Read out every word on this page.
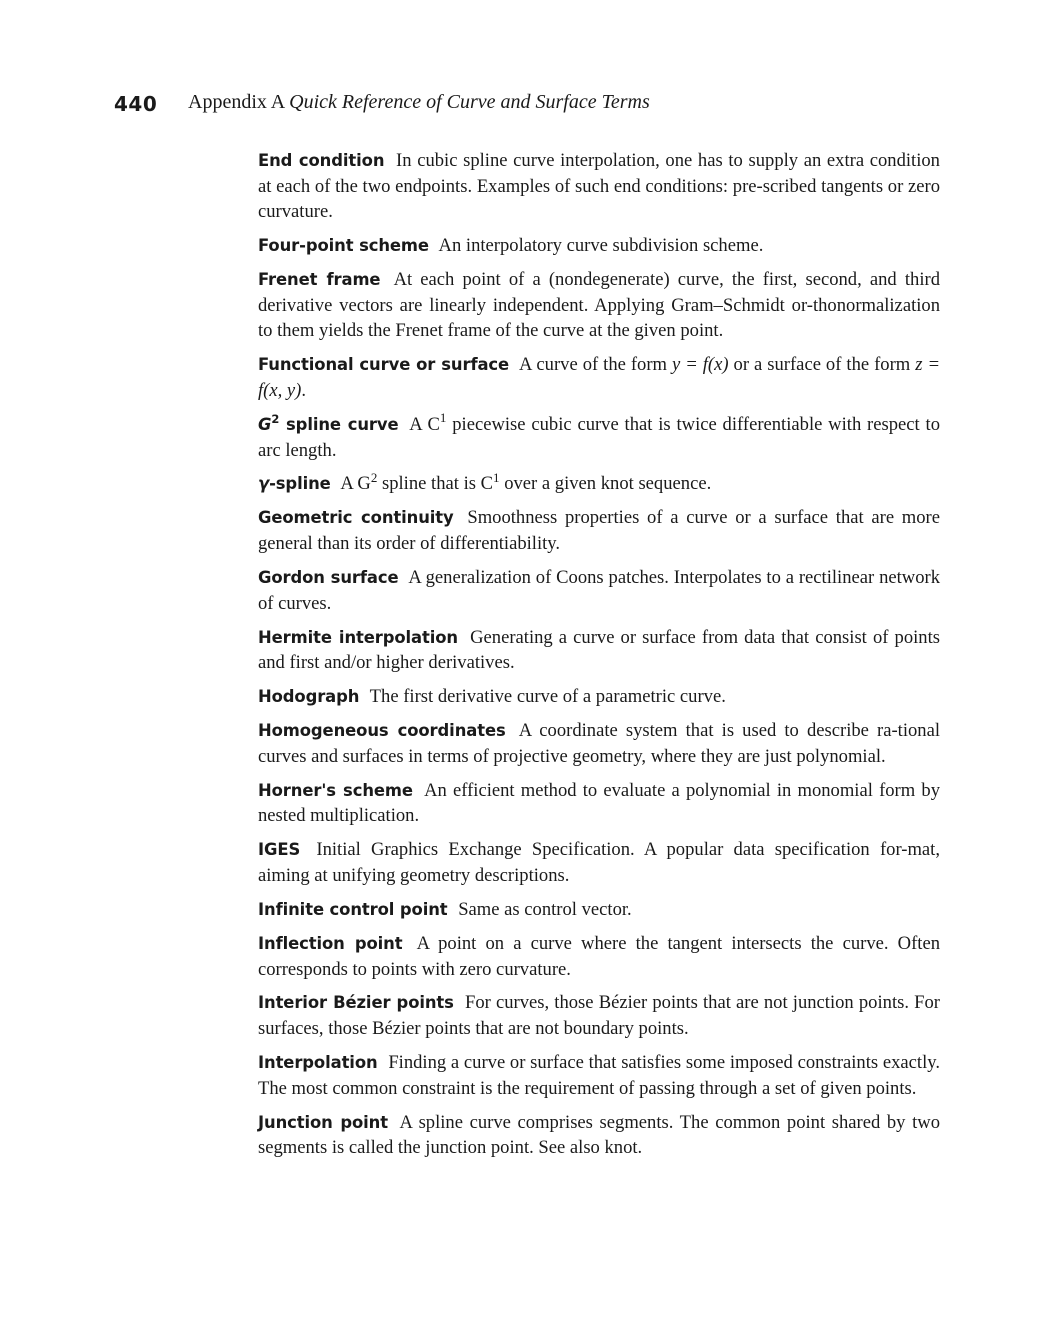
440 Appendix A Quick Reference of Curve and Surface Terms

End condition In cubic spline curve interpolation, one has to supply an extra condition at each of the two endpoints. Examples of such end conditions: pre-scribed tangents or zero curvature.

Four-point scheme An interpolatory curve subdivision scheme.

Frenet frame At each point of a (nondegenerate) curve, the first, second, and third derivative vectors are linearly independent. Applying Gram–Schmidt or-thonormalization to them yields the Frenet frame of the curve at the given point.

Functional curve or surface A curve of the form y = f(x) or a surface of the form z = f(x, y).

$G^2$ spline curve A $C^1$ piecewise cubic curve that is twice differentiable with respect to arc length.

γ-spline A $G^2$ spline that is $C^1$ over a given knot sequence.

Geometric continuity Smoothness properties of a curve or a surface that are more general than its order of differentiability.

Gordon surface A generalization of Coons patches. Interpolates to a rectilinear network of curves.

Hermite interpolation Generating a curve or surface from data that consist of points and first and/or higher derivatives.

Hodograph The first derivative curve of a parametric curve.

Homogeneous coordinates A coordinate system that is used to describe ra-tional curves and surfaces in terms of projective geometry, where they are just polynomial.

Horner's scheme An efficient method to evaluate a polynomial in monomial form by nested multiplication.

IGES Initial Graphics Exchange Specification. A popular data specification for-mat, aiming at unifying geometry descriptions.

Infinite control point Same as control vector.

Inflection point A point on a curve where the tangent intersects the curve. Often corresponds to points with zero curvature.

Interior Bézier points For curves, those Bézier points that are not junction points. For surfaces, those Bézier points that are not boundary points.

Interpolation Finding a curve or surface that satisfies some imposed constraints exactly. The most common constraint is the requirement of passing through a set of given points.

Junction point A spline curve comprises segments. The common point shared by two segments is called the junction point. See also knot.
